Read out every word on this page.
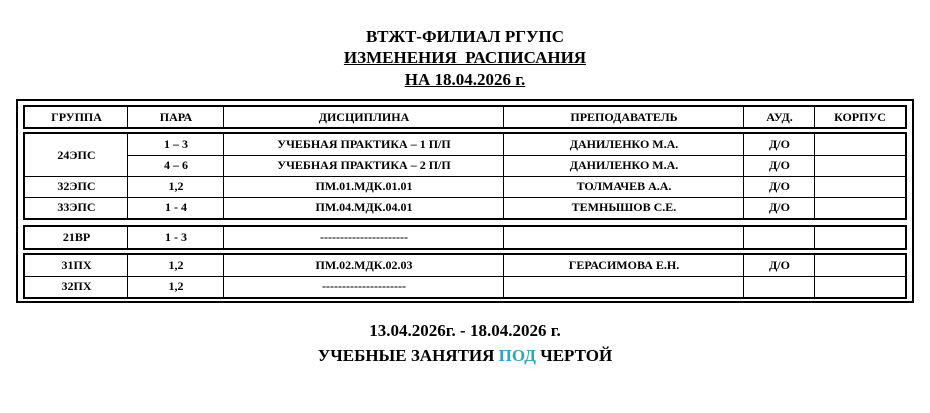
ВТЖТ-ФИЛИАЛ РГУПС
ИЗМЕНЕНИЯ  РАСПИСАНИЯ
НА 18.04.2026 г.
ГРУППА	ПАРА	ДИСЦИПЛИНА	ПРЕПОДАВАТЕЛЬ	АУД.	КОРПУС
24ЭПС
1 – 3	УЧЕБНАЯ ПРАКТИКА – 1 П/П	ДАНИЛЕНКО М.А.	Д/О
4 – 6	УЧЕБНАЯ ПРАКТИКА – 2 П/П	ДАНИЛЕНКО М.А.	Д/О
32ЭПС	1,2	ПМ.01.МДК.01.01	ТОЛМАЧЕВ А.А.	Д/О
33ЭПС	1 - 4	ПМ.04.МДК.04.01	ТЕМНЫШОВ С.Е.	Д/О
21ВР	1 - 3	----------------------
31ПХ	1,2	ПМ.02.МДК.02.03	ГЕРАСИМОВА Е.Н.	Д/О
32ПХ	1,2	---------------------
13.04.2026г. - 18.04.2026 г.
УЧЕБНЫЕ ЗАНЯТИЯ ПОД ЧЕРТОЙ
